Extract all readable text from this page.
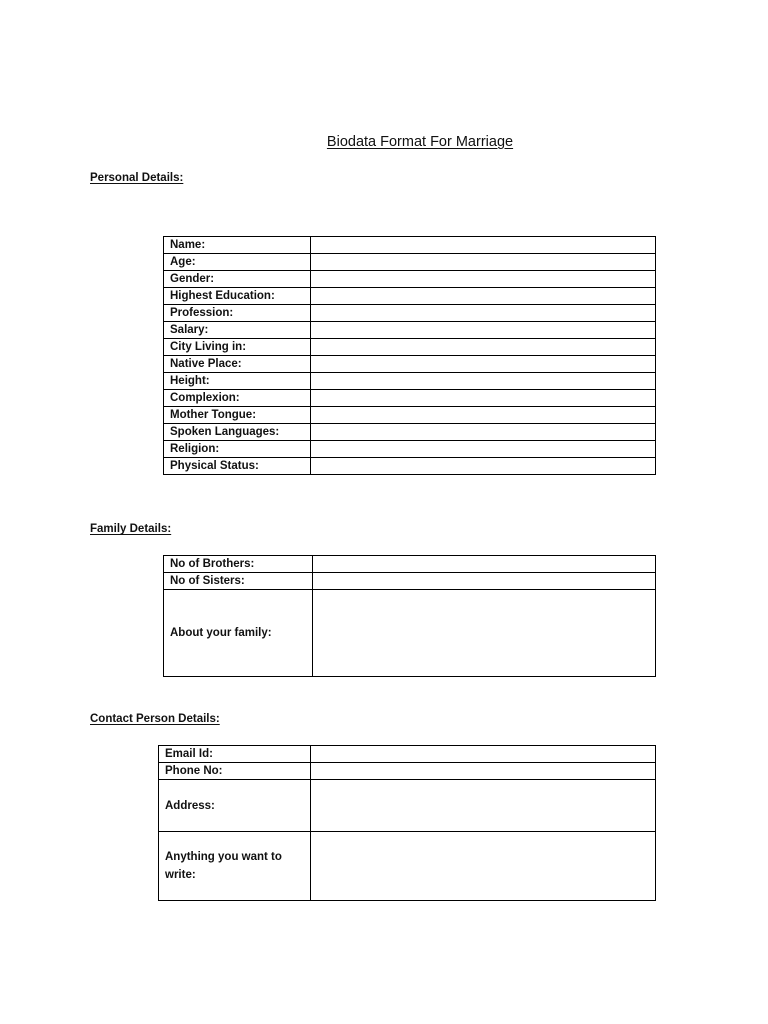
Biodata Format For Marriage
Personal Details:
Name:	
Age:	
Gender:	
Highest Education:	
Profession:	
Salary:	
City Living in:	
Native Place:	
Height:	
Complexion:	
Mother Tongue:	
Spoken Languages:	
Religion:	
Physical Status:	
Family Details:
No of Brothers:	
No of Sisters:	
About your family:	
Contact Person Details:
Email Id:	
Phone No:	
Address:	
Anything you want to write:	
